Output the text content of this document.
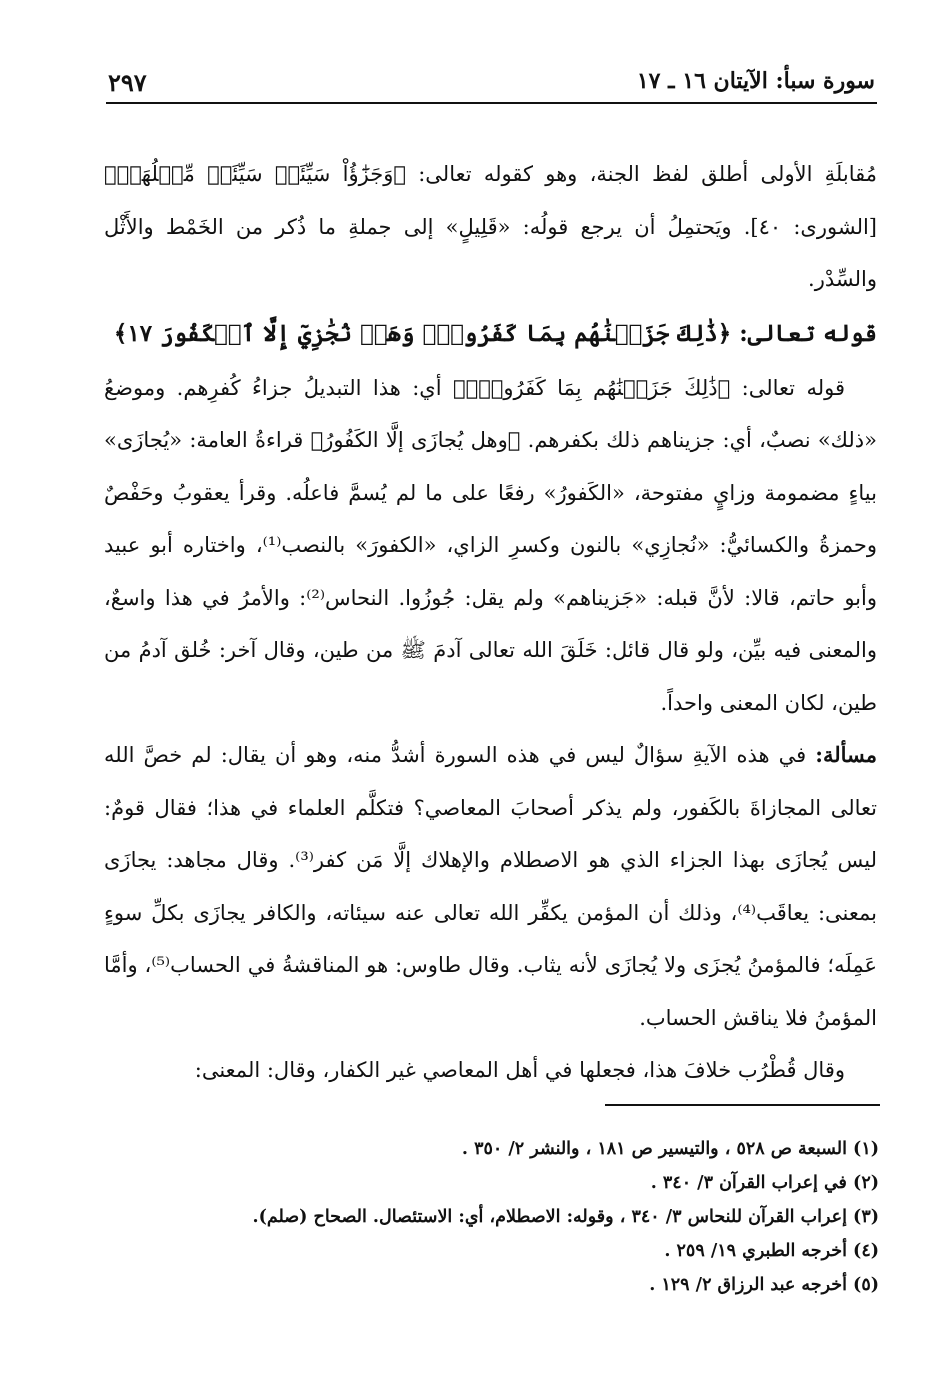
سورة سبأ: الآيتان ١٦ ـ ١٧
٢٩٧

مُقابلَةِ الأولى أطلق لفظ الجنة، وهو كقوله تعالى: ﴿وَجَزَٰٓؤُاْ سَيِّئَةٖ سَيِّئَةٞ مِّثۡلُهَاۖ﴾ [الشورى: ٤٠]. ويَحتمِلُ أن يرجع قولُه: «قَلِيلٍ» إلى جملةِ ما ذُكر من الخَمْط والأَثْل والسِّدْر.

قوله تعالى: ﴿ذَٰلِكَ جَزَيۡنَٰهُم بِمَا كَفَرُواْۖ وَهَلۡ نُجَٰزِيٓ إِلَّا ٱلۡكَفُورَ ١٧﴾

قوله تعالى: ﴿ذَٰلِكَ جَزَيۡنَٰهُم بِمَا كَفَرُواْۖ﴾ أي: هذا التبديلُ جزاءُ كُفرِهم. وموضعُ «ذلك» نصبٌ، أي: جزيناهم ذلك بكفرهم. ﴿وهل يُجازَى إلَّا الكَفُورُ﴾ قراءةُ العامة: «يُجازَى» بياءٍ مضمومة وزايٍ مفتوحة، «الكَفورُ» رفعًا على ما لم يُسمَّ فاعلُه. وقرأ يعقوبُ وحَفْصٌ وحمزةُ والكسائيُّ: «نُجازِي» بالنون وكسرِ الزاي، «الكفورَ» بالنصب⁽¹⁾، واختاره أبو عبيد وأبو حاتم، قالا: لأنَّ قبله: «جَزيناهم» ولم يقل: جُوزُوا. النحاس⁽²⁾: والأمرُ في هذا واسعٌ، والمعنى فيه بيِّن، ولو قال قائل: خَلَقَ الله تعالى آدمَ ﷺ من طين، وقال آخر: خُلق آدمُ من طين، لكان المعنى واحداً.

مسألة: في هذه الآيةِ سؤالٌ ليس في هذه السورة أشدُّ منه، وهو أن يقال: لم خصَّ الله تعالى المجازاةَ بالكَفور، ولم يذكر أصحابَ المعاصي؟ فتكلَّم العلماء في هذا؛ فقال قومٌ: ليس يُجازَى بهذا الجزاء الذي هو الاصطلام والإهلاك إلَّا مَن كفر⁽³⁾. وقال مجاهد: يجازَى بمعنى: يعاقَب⁽⁴⁾، وذلك أن المؤمن يكفِّر الله تعالى عنه سيئاته، والكافر يجازَى بكلِّ سوءٍ عَمِلَه؛ فالمؤمنُ يُجزَى ولا يُجازَى لأنه يثاب. وقال طاوس: هو المناقشةُ في الحساب⁽⁵⁾، وأمَّا المؤمنُ فلا يناقش الحساب.

وقال قُطْرُب خلافَ هذا، فجعلها في أهل المعاصي غير الكفار، وقال: المعنى:

(١) السبعة ص ٥٢٨ ، والتيسير ص ١٨١ ، والنشر ٢/ ٣٥٠ .

(٢) في إعراب القرآن ٣/ ٣٤٠ .

(٣) إعراب القرآن للنحاس ٣/ ٣٤٠ ، وقوله: الاصطلام، أي: الاستئصال. الصحاح (صلم).

(٤) أخرجه الطبري ١٩/ ٢٥٩ .

(٥) أخرجه عبد الرزاق ٢/ ١٢٩ .
